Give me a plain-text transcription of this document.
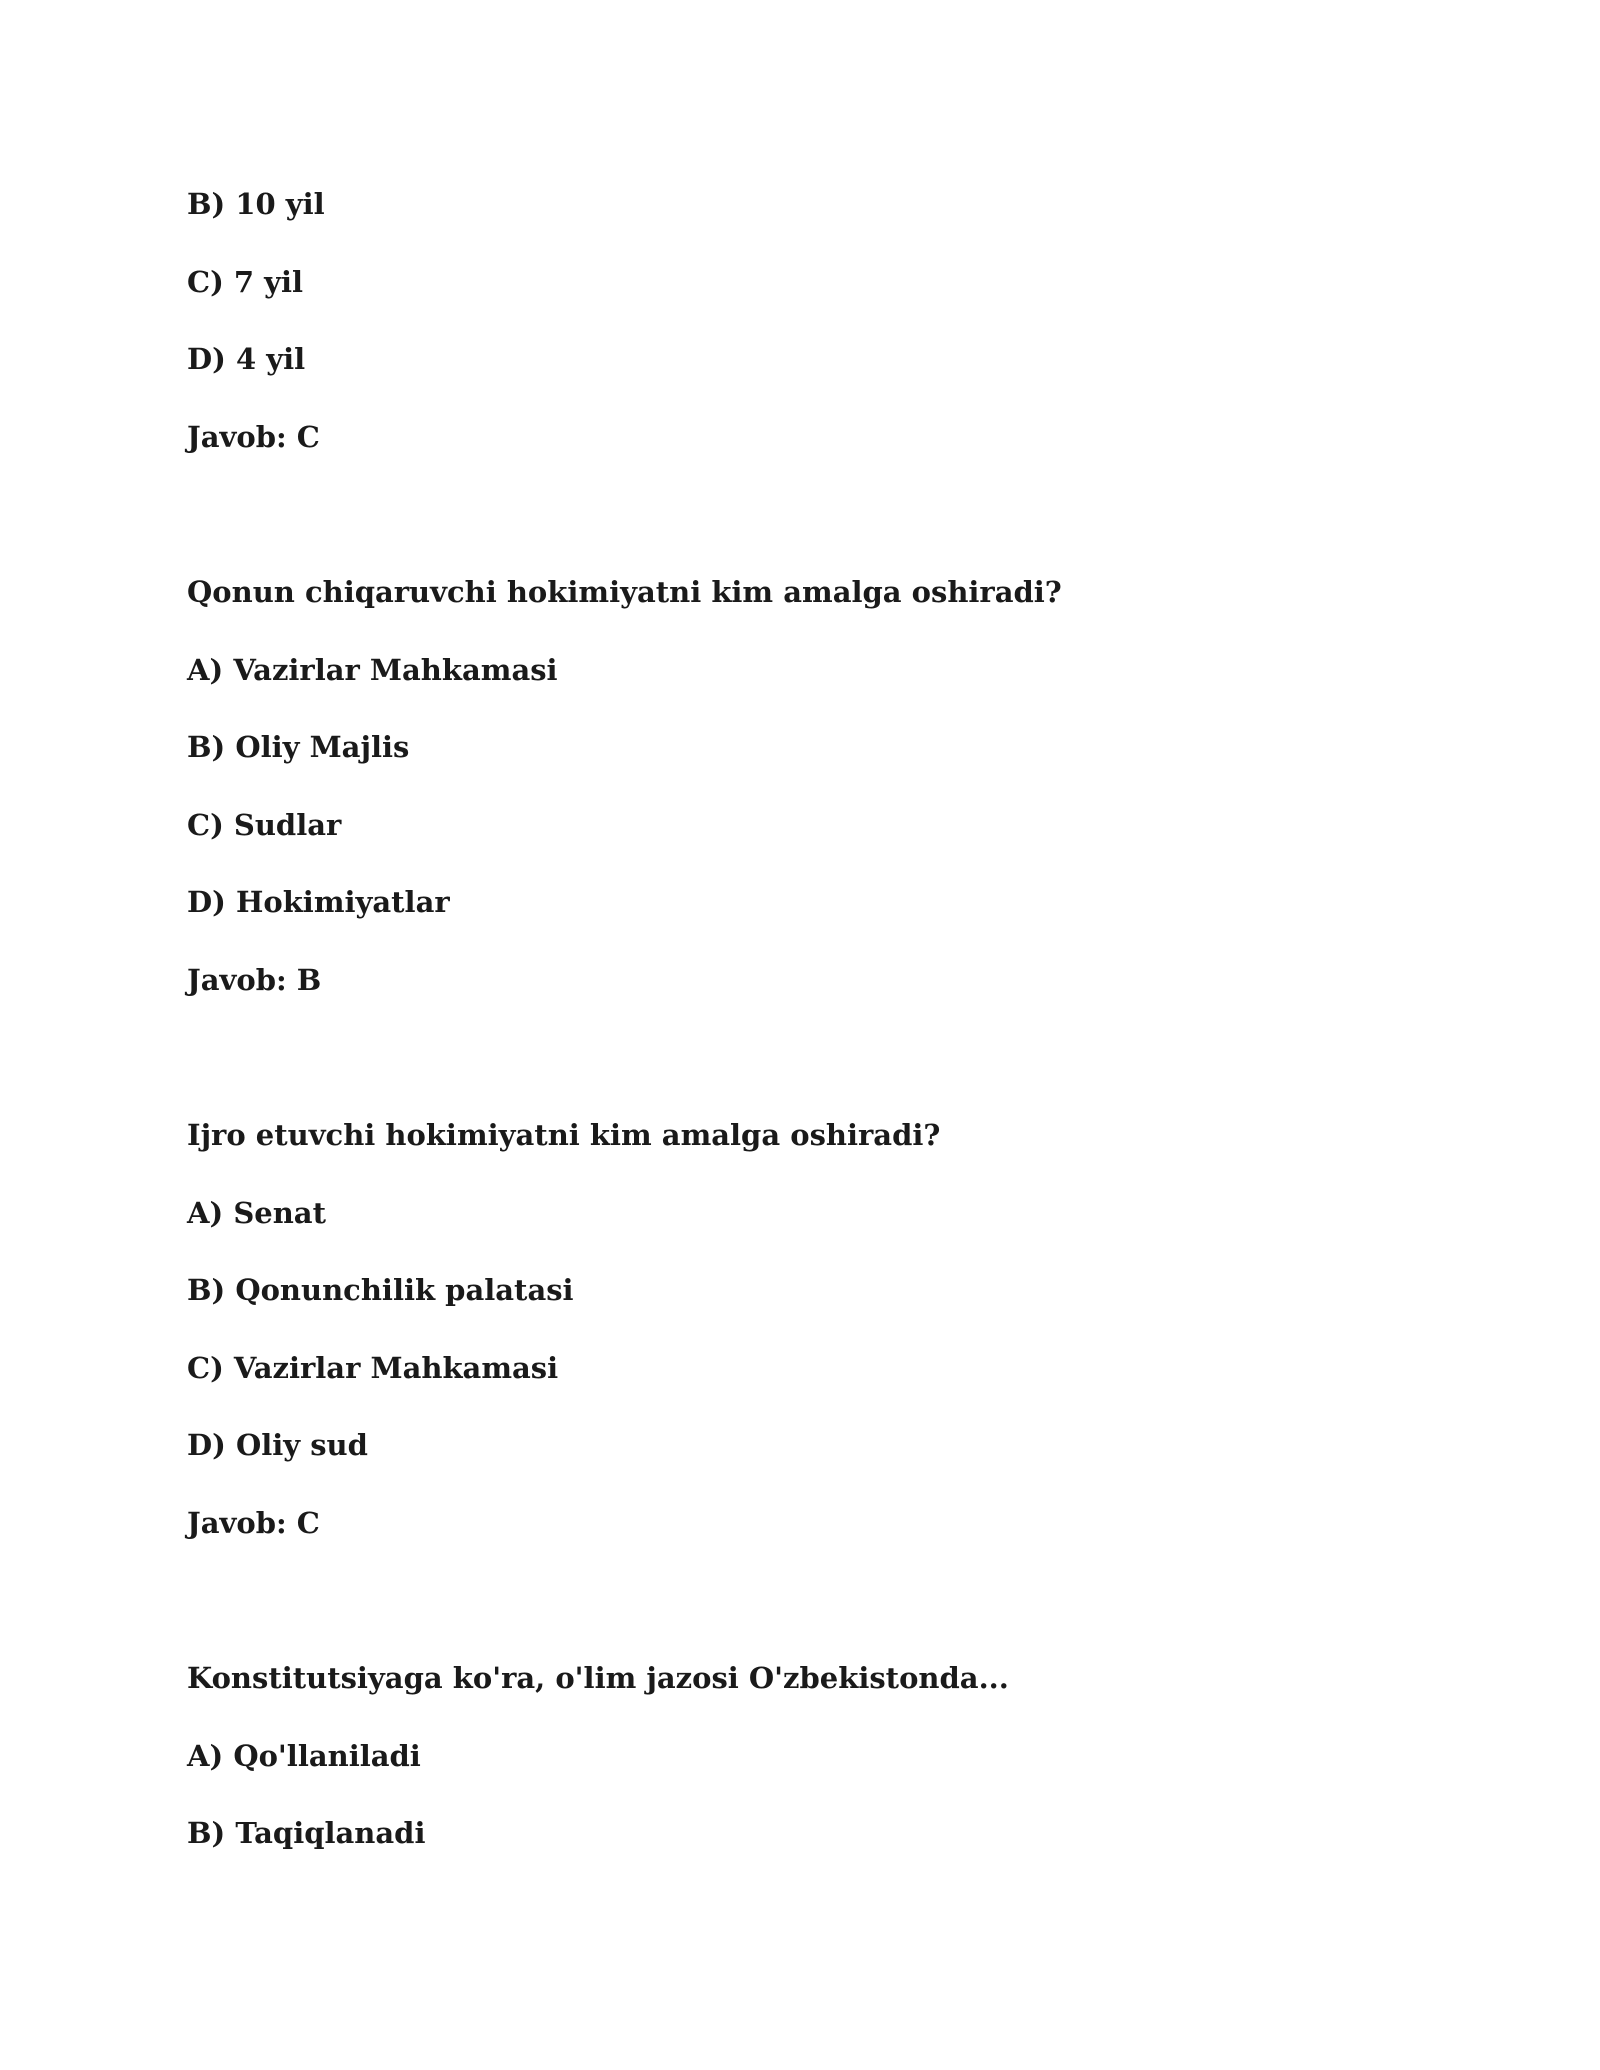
B) 10 yil

C) 7 yil

D) 4 yil

Javob: C

Qonun chiqaruvchi hokimiyatni kim amalga oshiradi?

A) Vazirlar Mahkamasi

B) Oliy Majlis

C) Sudlar

D) Hokimiyatlar

Javob: B

Ijro etuvchi hokimiyatni kim amalga oshiradi?

A) Senat

B) Qonunchilik palatasi

C) Vazirlar Mahkamasi

D) Oliy sud

Javob: C

Konstitutsiyaga ko'ra, o'lim jazosi O'zbekistonda...

A) Qo'llaniladi

B) Taqiqlanadi
